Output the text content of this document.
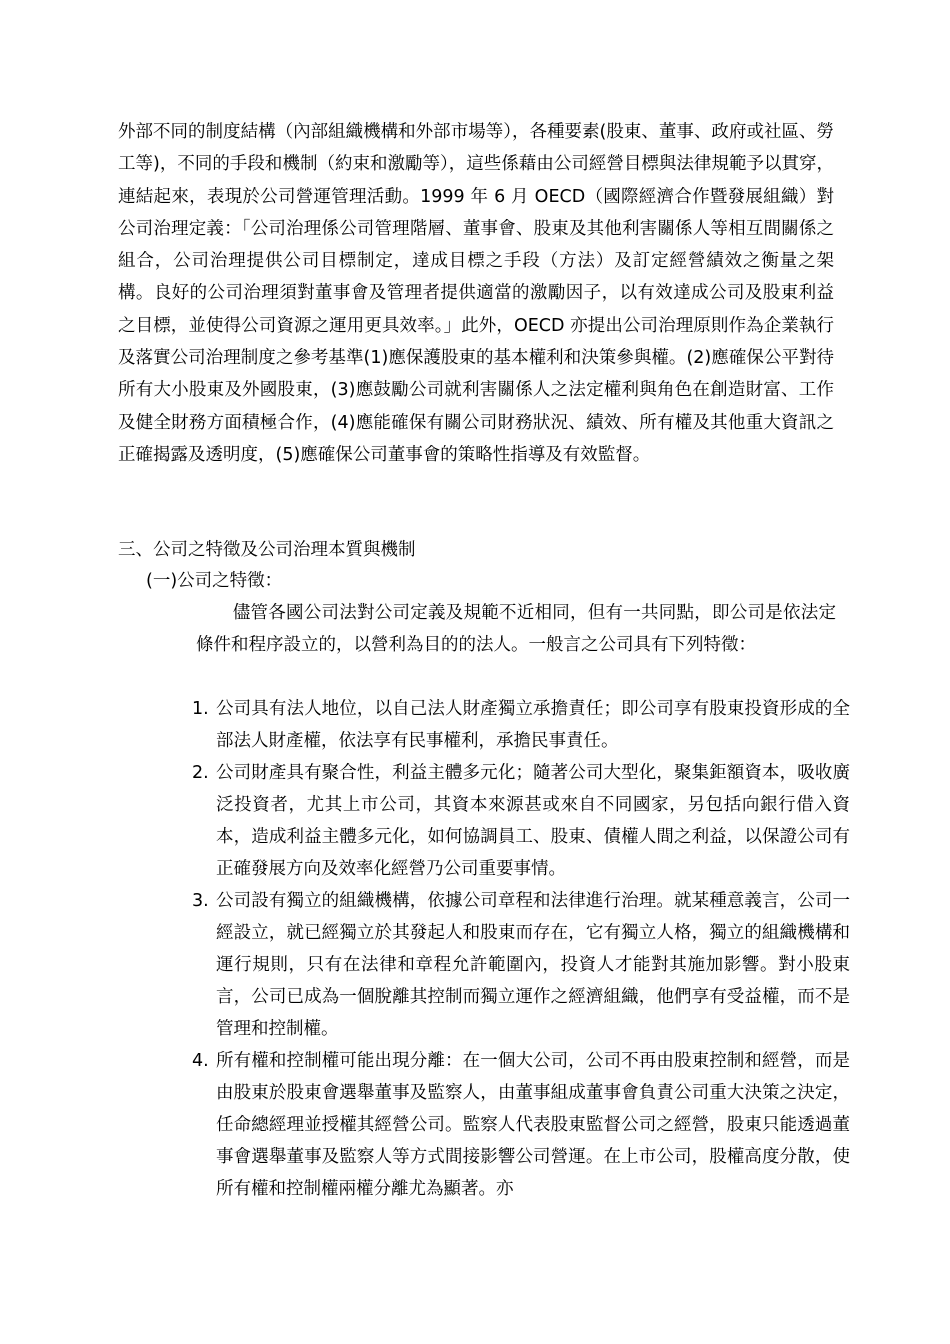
外部不同的制度結構（內部組織機構和外部市場等），各種要素(股東、董事、政府或社區、勞工等)，不同的手段和機制（約束和激勵等），這些係藉由公司經營目標與法律規範予以貫穿，連結起來，表現於公司營運管理活動。1999 年 6 月 OECD（國際經濟合作暨發展組織）對公司治理定義：「公司治理係公司管理階層、董事會、股東及其他利害關係人等相互間關係之組合，公司治理提供公司目標制定，達成目標之手段（方法）及訂定經營績效之衡量之架構。良好的公司治理須對董事會及管理者提供適當的激勵因子，以有效達成公司及股東利益之目標，並使得公司資源之運用更具效率。」此外，OECD 亦提出公司治理原則作為企業執行及落實公司治理制度之參考基準(1)應保護股東的基本權利和決策參與權。(2)應確保公平對待所有大小股東及外國股東，(3)應鼓勵公司就利害關係人之法定權利與角色在創造財富、工作及健全財務方面積極合作，(4)應能確保有關公司財務狀況、績效、所有權及其他重大資訊之正確揭露及透明度，(5)應確保公司董事會的策略性指導及有效監督。

三、公司之特徵及公司治理本質與機制

(一)公司之特徵：

儘管各國公司法對公司定義及規範不近相同，但有一共同點，即公司是依法定條件和程序設立的，以營利為目的的法人。一般言之公司具有下列特徵：

1. 公司具有法人地位，以自己法人財產獨立承擔責任；即公司享有股東投資形成的全部法人財產權，依法享有民事權利，承擔民事責任。
2. 公司財產具有聚合性，利益主體多元化；隨著公司大型化，聚集鉅額資本，吸收廣泛投資者，尤其上市公司，其資本來源甚或來自不同國家，另包括向銀行借入資本，造成利益主體多元化，如何協調員工、股東、債權人間之利益，以保證公司有正確發展方向及效率化經營乃公司重要事情。
3. 公司設有獨立的組織機構，依據公司章程和法律進行治理。就某種意義言，公司一經設立，就已經獨立於其發起人和股東而存在，它有獨立人格，獨立的組織機構和運行規則，只有在法律和章程允許範圍內，投資人才能對其施加影響。對小股東言，公司已成為一個脫離其控制而獨立運作之經濟組織，他們享有受益權，而不是管理和控制權。
4. 所有權和控制權可能出現分離：在一個大公司，公司不再由股東控制和經營，而是由股東於股東會選舉董事及監察人，由董事組成董事會負責公司重大決策之決定，任命總經理並授權其經營公司。監察人代表股東監督公司之經營，股東只能透過董事會選舉董事及監察人等方式間接影響公司營運。在上市公司，股權高度分散，使所有權和控制權兩權分離尤為顯著。亦
